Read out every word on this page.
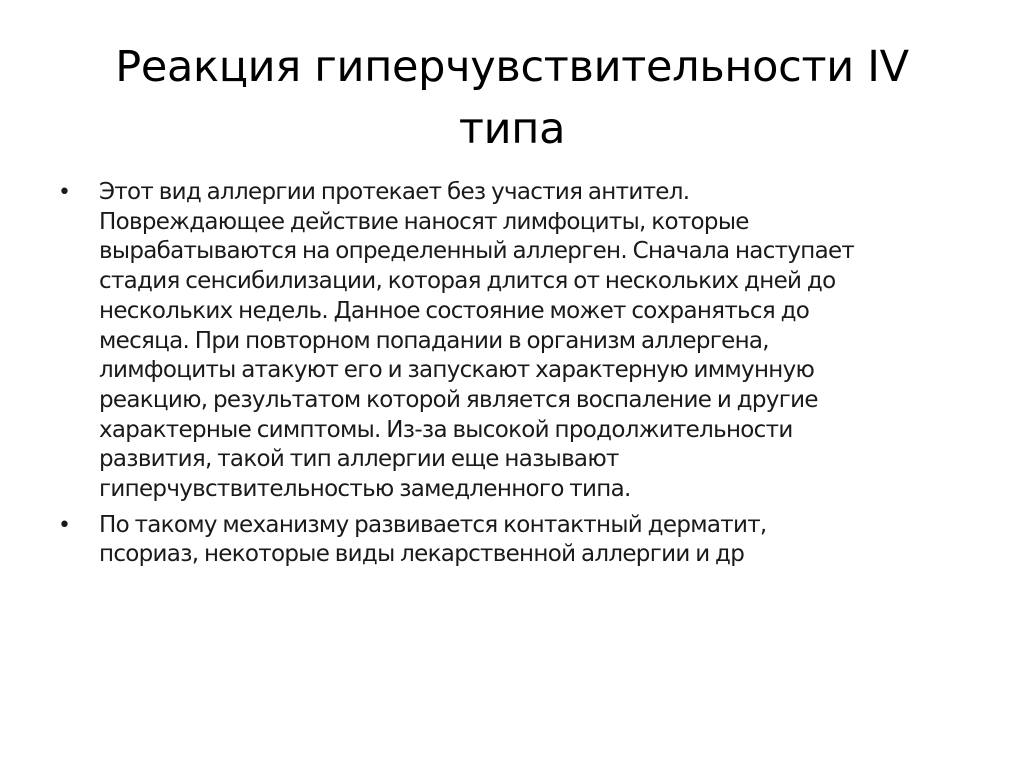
Реакция гиперчувствительности IV типа
•	Этот вид аллергии протекает без участия антител.
Повреждающее действие наносят лимфоциты, которые
вырабатываются на определенный аллерген. Сначала наступает
стадия сенсибилизации, которая длится от нескольких дней до
нескольких недель. Данное состояние может сохраняться до
месяца. При повторном попадании в организм аллергена,
лимфоциты атакуют его и запускают характерную иммунную
реакцию, результатом которой является воспаление и другие
характерные симптомы. Из-за высокой продолжительности
развития, такой тип аллергии еще называют
гиперчувствительностью замедленного типа.
•	По такому механизму развивается контактный дерматит,
псориаз, некоторые виды лекарственной аллергии и др
